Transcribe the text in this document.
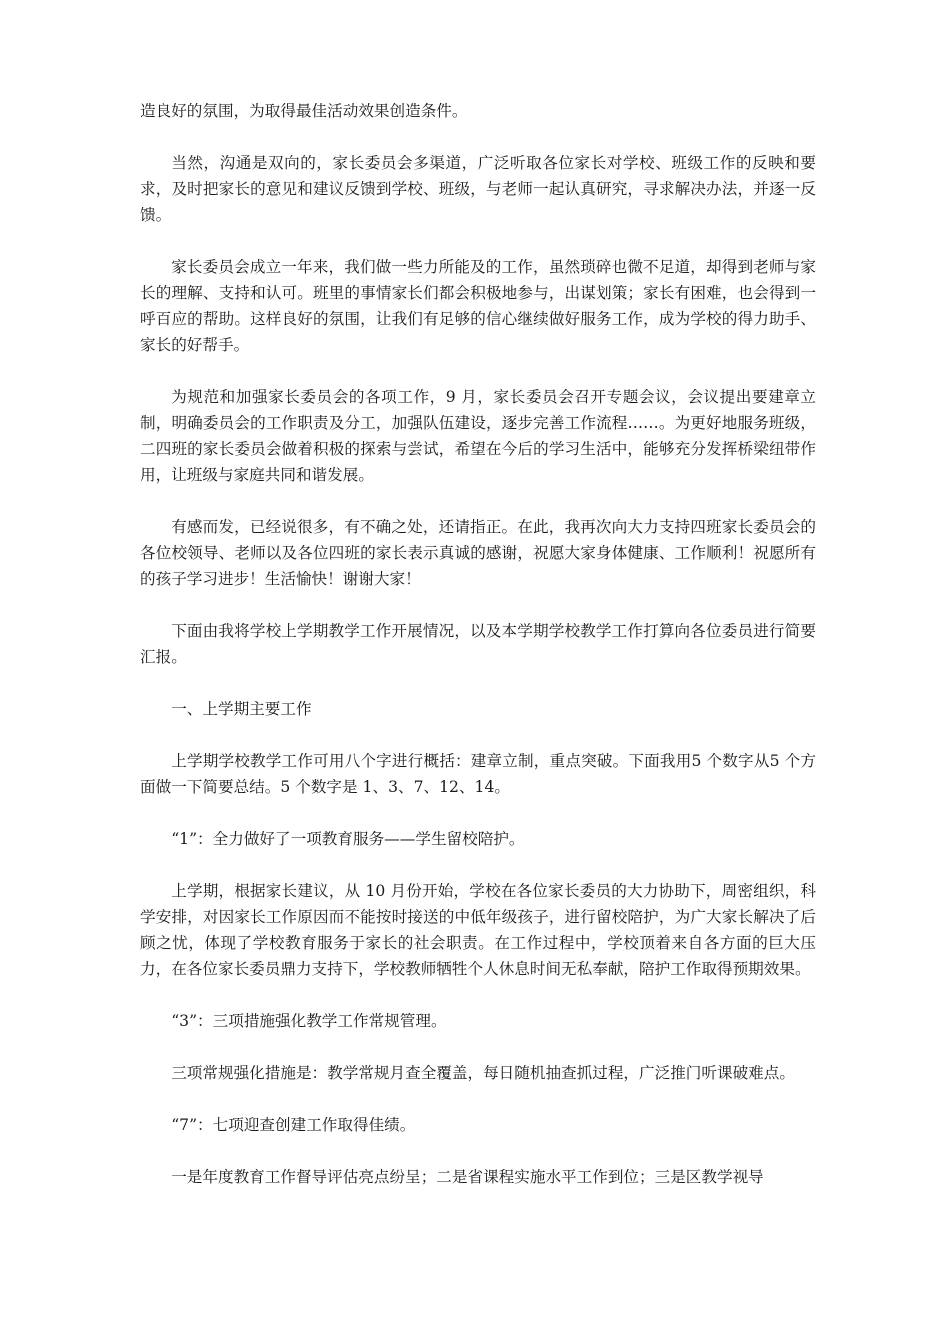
造良好的氛围，为取得最佳活动效果创造条件。

当然，沟通是双向的，家长委员会多渠道，广泛听取各位家长对学校、班级工作的反映和要求，及时把家长的意见和建议反馈到学校、班级，与老师一起认真研究，寻求解决办法，并逐一反馈。

家长委员会成立一年来，我们做一些力所能及的工作，虽然琐碎也微不足道，却得到老师与家长的理解、支持和认可。班里的事情家长们都会积极地参与，出谋划策；家长有困难，也会得到一呼百应的帮助。这样良好的氛围，让我们有足够的信心继续做好服务工作，成为学校的得力助手、家长的好帮手。

为规范和加强家长委员会的各项工作，9 月，家长委员会召开专题会议，会议提出要建章立制，明确委员会的工作职责及分工，加强队伍建设，逐步完善工作流程……。为更好地服务班级，二四班的家长委员会做着积极的探索与尝试，希望在今后的学习生活中，能够充分发挥桥梁纽带作用，让班级与家庭共同和谐发展。

有感而发，已经说很多，有不确之处，还请指正。在此，我再次向大力支持四班家长委员会的各位校领导、老师以及各位四班的家长表示真诚的感谢，祝愿大家身体健康、工作顺利！祝愿所有的孩子学习进步！生活愉快！谢谢大家！

下面由我将学校上学期教学工作开展情况，以及本学期学校教学工作打算向各位委员进行简要汇报。

一、上学期主要工作

上学期学校教学工作可用八个字进行概括：建章立制，重点突破。下面我用5 个数字从5 个方面做一下简要总结。5 个数字是 1、3、7、12、14。

“1”：全力做好了一项教育服务——学生留校陪护。

上学期，根据家长建议，从 10 月份开始，学校在各位家长委员的大力协助下，周密组织，科学安排，对因家长工作原因而不能按时接送的中低年级孩子，进行留校陪护，为广大家长解决了后顾之忧，体现了学校教育服务于家长的社会职责。在工作过程中，学校顶着来自各方面的巨大压力，在各位家长委员鼎力支持下，学校教师牺牲个人休息时间无私奉献，陪护工作取得预期效果。

“3”：三项措施强化教学工作常规管理。

三项常规强化措施是：教学常规月查全覆盖，每日随机抽查抓过程，广泛推门听课破难点。

“7”：七项迎查创建工作取得佳绩。

一是年度教育工作督导评估亮点纷呈；二是省课程实施水平工作到位；三是区教学视导
